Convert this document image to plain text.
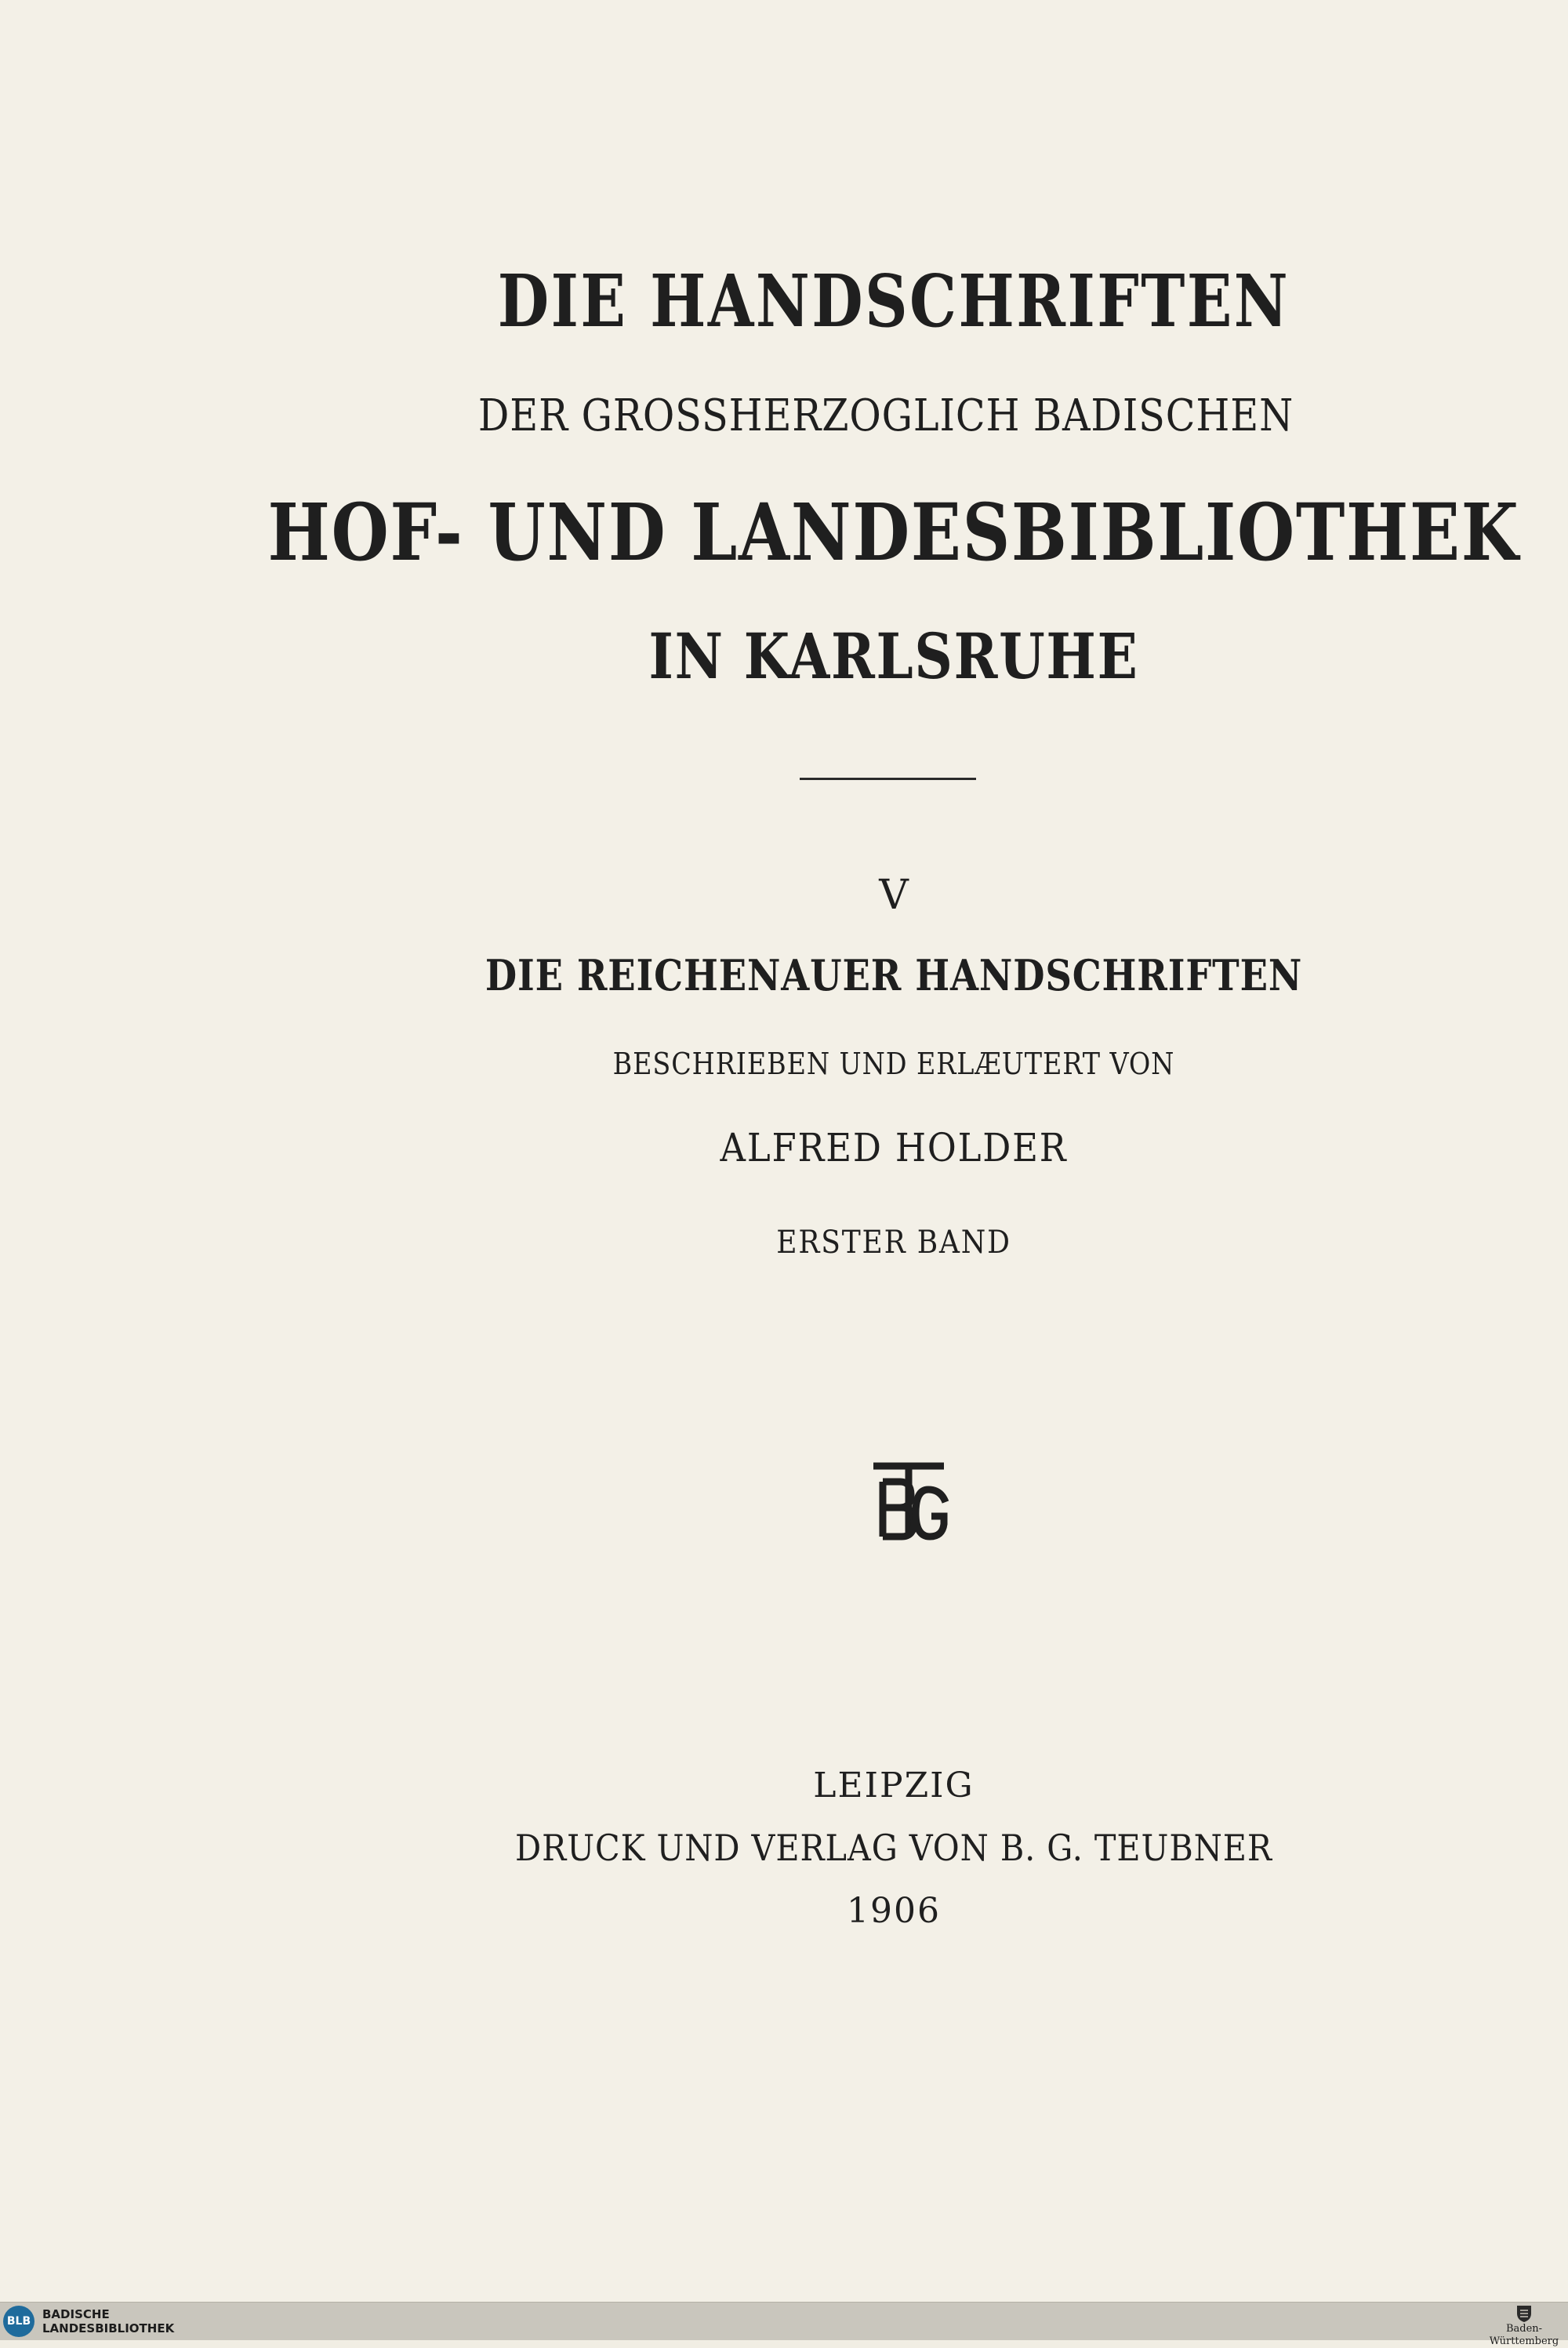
DIE HANDSCHRIFTEN
DER GROSSHERZOGLICH BADISCHEN
HOF- UND LANDESBIBLIOTHEK
IN KARLSRUHE
V
DIE REICHENAUER HANDSCHRIFTEN
BESCHRIEBEN UND ERLÆUTERT VON
ALFRED HOLDER
ERSTER BAND
LEIPZIG
DRUCK UND VERLAG VON B. G. TEUBNER
1906
BLB BADISCHE
LANDESBIBLIOTHEK	Baden-Württemberg
